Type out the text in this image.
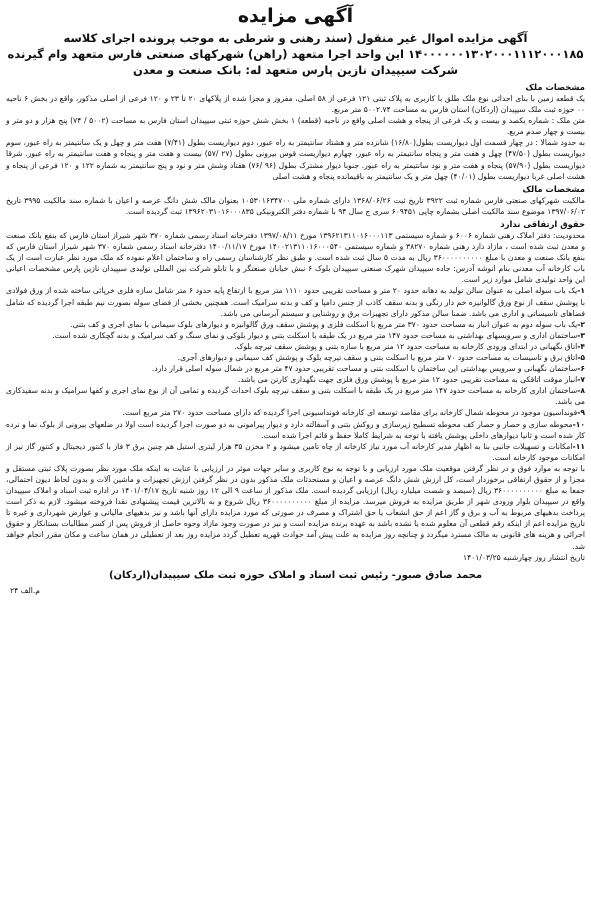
آگهی مزایده
آگهی مزایده اموال غیر منقول (سند رهنی و شرطی به موجب پرونده اجرای کلاسه ۱۴۰۰۰۰۰۰۱۳۰۲۰۰۰۱۱۱۲۰۰۰۱۸۵ این واحد اجرا متعهد (راهن) شهرکهای صنعتی فارس متعهد وام گیرنده شرکت سیپیدان نازین پارس متعهد له: بانک صنعت و معدن
مشخصات ملک

یک قطعه زمین با بنای احداثی نوع ملک طلق با کاربری به پلاک ثبتی ۱۲۱ فرعی از ۵۸ اصلی، مفروز و مجزا شده از پلاکهای ۲۰ تا ۲۳ و ۱۲۰ فرعی از اصلی مذکور، واقع در بخش ۶ ناحیه ۰۰ حوزه ثبت ملک سیپیدان (اردکان) استان فارس به مساحت ۵۰۰۲.۷۴ متر مربع.

متن ملک : شماره یکصد و بیست و یک فرعی از پنجاه و هشت اصلی واقع در ناحیه (قطعه) ۱ بخش شش حوزه ثبتی سیپیدان استان فارس به مساحت (۵۰۰۲ / ۷۴) پنج هزار و دو متر و بیست و چهار صدم مربع.

به حدود شمالا : در چهار قسمت اول دیواریست بطول(۱۶/۸۰) شانزده متر و هشتاد سانتیمتر به راه عبور، دوم دیواریست بطول (۷/۴۱) هفت متر و چهل و یک سانتیمتر به راه عبور، سوم دیواریست بطول (۴۷/۵۰) چهل و هفت متر و پنجاه سانتیمتر به راه عبور، چهارم دیواریست قوس بیرونی بطول (۲۷ /۵۷) بیست و هفت متر و پنجاه و هفت سانتیمتر به راه عبور. شرقا دیواریست بطول (۵۷/۹۰) پنجاه و هفت متر و نود سانتیمتر به راه عبور. جنوبا دیوار مشترک بطول (۹۶ /۷۶) هفتاد وشش متر و نود و پنج سانتیمتر به شماره ۱۲۲ و ۱۲۰ فرعی از پنجاه و هشت اصلی غربا دیواریست بطول (۴۰/۰۱) چهل متر و یک سانتیمتر به باقیمانده پنجاه و هشت اصلی

مشخصات مالک

مالکیت شهرکهای صنعتی فارس شماره ثبت ۳۹۲۲ تاریخ ثبت ۱۳۶۸/۰۶/۲۶ دارای شماره ملی ۱۰۵۳۰۱۶۳۴۷۰۰ بعنوان مالک شش دانگ عرصه و اعیان با شماره سند مالکیت ۳۹۹۵ تاریخ ۱۳۹۷/۰۶/۰۲ موضوع سند مالکیت اصلی بشماره چاپی ۶۰۹۴۵۱ سری ج سال ۹۴ با شماره دفتر الکترونیکی ۱۳۹۶۲۰۳۱۰۱۶۰۰۰۸۳۵ ثبت گردیده است.

حقوق ارتفاقی ندارد

محدودیت: دفتر املاک رهنی شماره ۶۰۰۶ و شماره سیستمی ۱۳۹۶۲۱۳۱۱۰۱۶۰۰۰۱۱۳ مورخ ۱۳۹۷/۰۸/۱۱ دفترخانه اسناد رسمی شماره ۳۷۰ شهر شیراز استان فارس که بنفع بانک صنعت و معدن ثبت شده است ، مازاد دارد رهنی شماره ۳۸۲۷۰ و شماره سیستمی ۱۴۰۰۲۱۳۱۱۰۱۶۰۰۰۵۴۰ مورخ ۱۴۰۰/۱۱/۱۷ دفترخانه اسناد رسمی شماره ۳۷۰ شهر شیراز استان فارس که بنفع بانک صنعت و معدن با مبلغ ۳۶۰۰۰۰۰۰۰۰۰۰ ریال به مدت ۵ سال ثبت شده است. و طبق نظر کارشناسان رسمی راه و ساختمان اعلام نموده که ملک مورد نظر عبارت است از یک باب کارخانه آب معدنی بنام انوشه آدرس: جاده سیپیدان شهرک صنعتی سیپیدان بلوک ۶ نبش خیابان صنعتگر و با تابلو شرکت بین المللی تولیدی سیپیدان نازین پارس مشخصات اعیانی این واحد تولیدی شامل موارد زیر است.

۱-یک باب سوله اصلی به عنوان سالن تولید به دهانه حدود ۲۰ متر و مساحت تقریبی حدود ۱۱۱۰ متر مربع با ارتفاع پایه حدود ۶ متر شامل سازه فلزی خرپائی ساخته شده از ورق فولادی با پوشش سقف از نوع ورق گالوانیزه خم دار رنگی و بدنه سقف کاذب از جنس دامپا و کف و بدنه سرامیک است. همچنین بخشی از فضای سوله بصورت نیم طبقه اجرا گردیده که شامل فضاهای تاسیساتی و اداری می باشد. ضمنا سالن مذکور دارای تجهیزات برق و روشنایی و سیستم آبرسانی می باشد.

۲-یک باب سوله دوم به عنوان انبار به مساحت حدود ۳۷۰ متر مربع با اسکلت فلزی و پوشش سقف ورق گالوانیزه و دیوارهای بلوک سیمانی با نمای اجری و کف بتنی.

۳-ساختمان اداری و سرویسهای بهداشتی به مساحت حدود ۱۴۷ متر مربع در یک طبقه با اسکلت بتنی و دیوار بلوکی و نمای سنگ و کف سرامیک و بدنه گچکاری شده است.

۴-اتاق نگهبانی در ابتدای ورودی کارخانه به مساحت حدود ۱۲ متر مربع با سازه بتنی و پوشش سقف تیرچه بلوک.

۵-اتاق برق و تاسیسات به مساحت حدود ۷۰ متر مربع با اسکلت بتنی و سقف تیرچه بلوک و پوشش کف سیمانی و دیوارهای آجری.

۶-ساختمان نگهبانی و سرویس بهداشتی این ساختمان با اسکلت بتنی و مساحت تقریبی حدود ۴۷ متر مربع در شمال سوله اصلی قرار دارد.

۷-انبار موقت اتاقکی به مساحت تقریبی حدود ۱۲ متر مربع با پوشش ورق فلزی جهت نگهداری کارتن می باشد.

۸-ساختمان اداری کارخانه به مساحت حدود ۱۴۷ متر مربع در یک طبقه با اسکلت بتنی و سقف تیرچه بلوک احداث گردیده و تمامی آن از نوع نمای اجری و کفها سرامیک و بدنه سفیدکاری می باشد.

۹-فونداسیون موجود در محوطه شمال کارخانه برای مقاصد توسعه ای کارخانه فونداسیونی اجرا گردیده که دارای مساحت حدود ۲۷۰ متر مربع است.

۱۰-محوطه سازی و حصار و حصار کف محوطه تسطیح زیرسازی و روکش بتنی و آسفالته دارد و دیوار پیرامونی به دو صورت اجرا گردیده است اولا در ضلعهای بیرونی از بلوک نما و نرده کار شده است و ثانیا دیوارهای داخلی پوشش یافته با توجه به شرایط کاملا حفظ و قائم اجرا شده است.

۱۱-امکانات و تسهیلات جانبی بنا به اظهار مدیر کارخانه آب مورد نیاز کارخانه از چاه تامین میشود و ۲ مخزن ۳۵ هزار لیتری استیل هم چنین برق ۳ فاز با کنتور دیجیتال و کنتور گاز نیز از امکانات موجود کارخانه است.

با توجه به موارد فوق و در نظر گرفتن موقعیت ملک مورد ارزیابی و با توجه به نوع کاربری و سایر جهات موثر در ارزیابی با عنایت به اینکه ملک مورد نظر بصورت پلاک ثبتی مستقل و مجزا و از حقوق ارتفاقی برخوردار است، کل ارزش شش دانگ عرصه و اعیان و مستحدثات ملک مذکور بدون در نظر گرفتن ارزش تجهیزات و ماشین آلات و بدون لحاظ دیون احتمالی، جمعا به مبلغ ۳۶۰۰۰۰۰۰۰۰۰۰ ریال (سیصد و شصت میلیارد ریال) ارزیابی گردیده است. ملک مذکور از ساعت ۹ الی ۱۲ روز شنبه تاریخ ۱۴۰۱/۰۴/۱۷ در اداره ثبت اسناد و املاک سیپیدان واقع در سیپیدان بلوار ورودی شهر از طریق مزایده به فروش میرسد. مزایده از مبلغ ۳۶۰۰۰۰۰۰۰۰۰۰ ریال شروع و به بالاترین قیمت پیشنهادی نقدا فروخته میشود. لازم به ذکر است پرداخت بدهیهای مربوط به آب و برق و گاز اعم از حق انشعاب یا حق اشتراک و مصرف در صورتی که مورد مزایده دارای آنها باشد و نیز بدهیهای مالیاتی و عوارض شهرداری و غیره تا تاریخ مزایده اعم از اینکه رقم قطعی آن معلوم شده یا نشده باشد به عهده برنده مزایده است و نیز در صورت وجود مازاد وجوه حاصل از فروش پس از کسر مطالبات بستانکار و حقوق اجرائی و هزینه های قانونی به مالک مسترد میگردد و چنانچه روز مزایده به علت پیش آمد حوادث قهریه تعطیل گردد مزایده روز بعد از تعطیلی در همان ساعت و مکان مقرر انجام خواهد شد.

تاریخ انتشار روز چهارشنبه ۱۴۰۱/۰۳/۲۵

محمد صادق صبور- رئیس ثبت اسناد و املاک حوزه ثبت ملک سیپیدان(اردکان)
م.الف ۲۴
